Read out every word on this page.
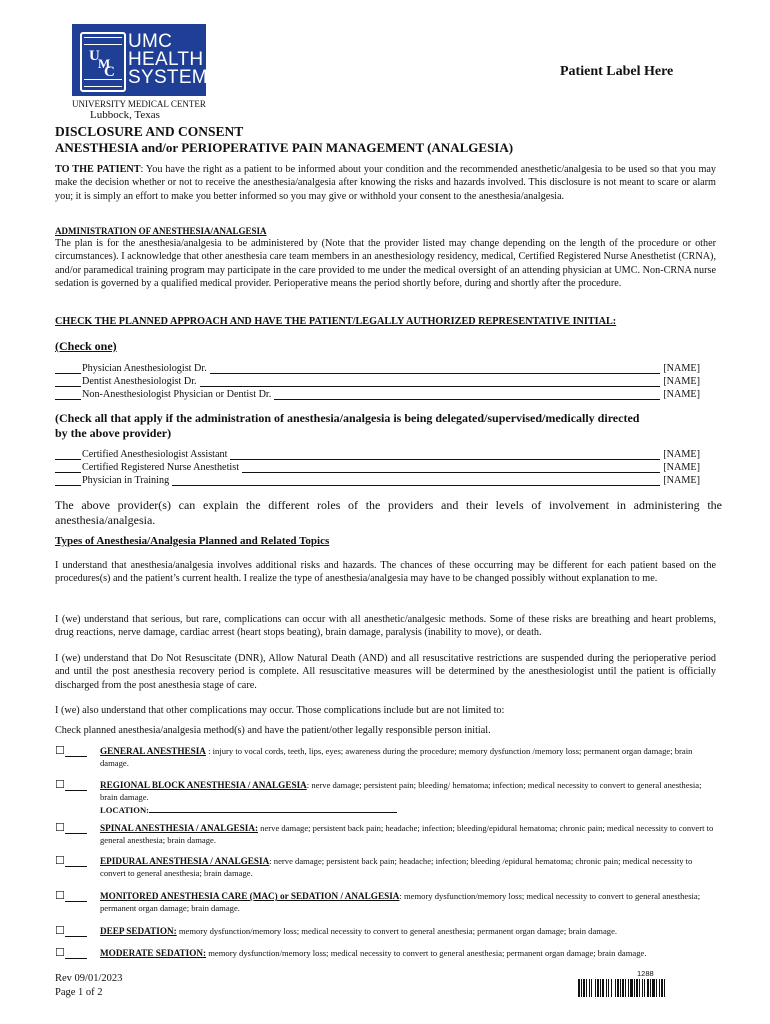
U
M
C
UMC
HEALTH
SYSTEM	Patient Label Here
UNIVERSITY MEDICAL CENTER
Lubbock, Texas
DISCLOSURE AND CONSENT
ANESTHESIA and/or PERIOPERATIVE PAIN MANAGEMENT (ANALGESIA)

TO THE PATIENT: You have the right as a patient to be informed about your condition and the recommended anesthetic/analgesia to be used so that you may make the decision whether or not to receive the anesthesia/analgesia after knowing the risks and hazards involved. This disclosure is not meant to scare or alarm you; it is simply an effort to make you better informed so you may give or withhold your consent to the anesthesia/analgesia.

ADMINISTRATION OF ANESTHESIA/ANALGESIA

The plan is for the anesthesia/analgesia to be administered by (Note that the provider listed may change depending on the length of the procedure or other circumstances). I acknowledge that other anesthesia care team members in an anesthesiology residency, medical, Certified Registered Nurse Anesthetist (CRNA), and/or paramedical training program may participate in the care provided to me under the medical oversight of an attending physician at UMC. Non-CRNA nurse sedation is governed by a qualified medical provider. Perioperative means the period shortly before, during and shortly after the procedure.

CHECK THE PLANNED APPROACH AND HAVE THE PATIENT/LEGALLY AUTHORIZED REPRESENTATIVE INITIAL:
(Check one)
Physician Anesthesiologist Dr.	[NAME]
Dentist Anesthesiologist Dr.	[NAME]
Non-Anesthesiologist Physician or Dentist Dr.	[NAME]
(Check all that apply if the administration of anesthesia/analgesia is being delegated/supervised/medically directed
by the above provider)
Certified Anesthesiologist Assistant	[NAME]
Certified Registered Nurse Anesthetist	[NAME]
Physician in Training	[NAME]

The above provider(s) can explain the different roles of the providers and their levels of involvement in administering the anesthesia/analgesia.

Types of Anesthesia/Analgesia Planned and Related Topics

I understand that anesthesia/analgesia involves additional risks and hazards. The chances of these occurring may be different for each patient based on the procedures(s) and the patient’s current health. I realize the type of anesthesia/analgesia may have to be changed possibly without explanation to me.

I (we) understand that serious, but rare, complications can occur with all anesthetic/analgesic methods. Some of these risks are breathing and heart problems, drug reactions, nerve damage, cardiac arrest (heart stops beating), brain damage, paralysis (inability to move), or death.

I (we) understand that Do Not Resuscitate (DNR), Allow Natural Death (AND) and all resuscitative restrictions are suspended during the perioperative period and until the post anesthesia recovery period is complete. All resuscitative measures will be determined by the anesthesiologist until the patient is officially discharged from the post anesthesia stage of care.

I (we) also understand that other complications may occur. Those complications include but are not limited to:

Check planned anesthesia/analgesia method(s) and have the patient/other legally responsible person initial.

☐	GENERAL ANESTHESIA : injury to vocal cords, teeth, lips, eyes; awareness during the procedure; memory dysfunction /memory loss; permanent organ damage; brain damage.
☐	REGIONAL BLOCK ANESTHESIA / ANALGESIA: nerve damage; persistent pain; bleeding/ hematoma; infection; medical necessity to convert to general anesthesia; brain damage.
LOCATION:
☐	SPINAL ANESTHESIA / ANALGESIA: nerve damage; persistent back pain; headache; infection; bleeding/epidural hematoma; chronic pain; medical necessity to convert to general anesthesia; brain damage.
☐	EPIDURAL ANESTHESIA / ANALGESIA: nerve damage; persistent back pain; headache; infection; bleeding /epidural hematoma; chronic pain; medical necessity to convert to general anesthesia; brain damage.
☐	MONITORED ANESTHESIA CARE (MAC) or SEDATION / ANALGESIA: memory dysfunction/memory loss; medical necessity to convert to general anesthesia; permanent organ damage; brain damage.
☐	DEEP SEDATION: memory dysfunction/memory loss; medical necessity to convert to general anesthesia; permanent organ damage; brain damage.
☐	MODERATE SEDATION: memory dysfunction/memory loss; medical necessity to convert to general anesthesia; permanent organ damage; brain damage.
Rev 09/01/2023
Page 1 of 2
1288
